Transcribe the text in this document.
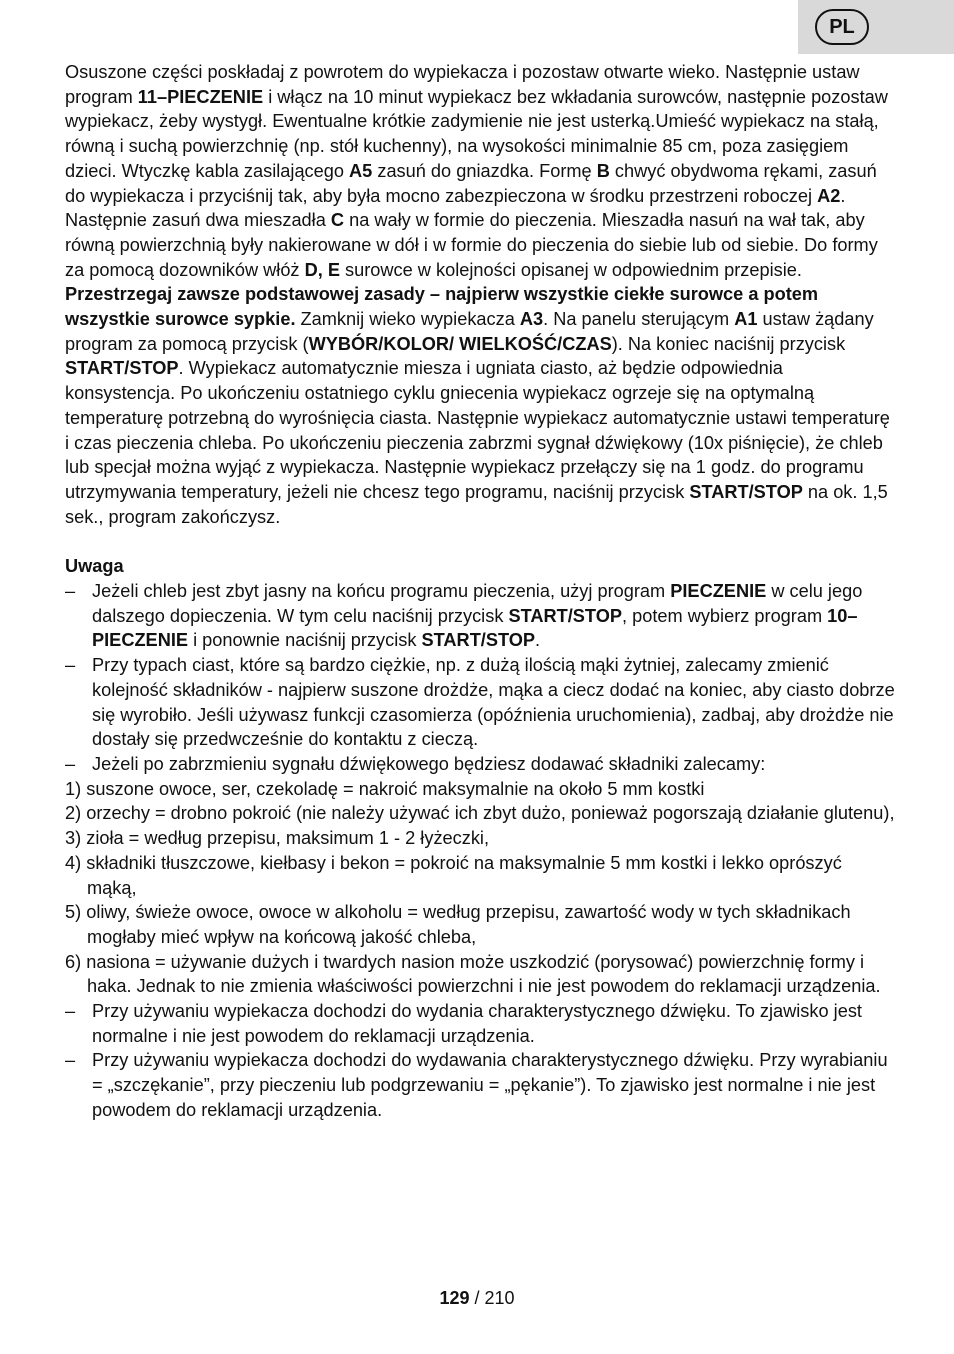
PL

Osuszone części poskładaj z powrotem do wypiekacza i pozostaw otwarte wieko. Następnie ustaw program 11–PIECZENIE i włącz na 10 minut wypiekacz bez wkładania surowców, następnie pozostaw wypiekacz, żeby wystygł. Ewentualne krótkie zadymienie nie jest usterką.Umieść wypiekacz na stałą, równą i suchą powierzchnię (np. stół kuchenny), na wysokości minimalnie 85 cm, poza zasięgiem dzieci. Wtyczkę kabla zasilającego A5 zasuń do gniazdka. Formę B chwyć obydwoma rękami, zasuń do wypiekacza i przyciśnij tak, aby była mocno zabezpieczona w środku przestrzeni roboczej A2. Następnie zasuń dwa mieszadła C na wały w formie do pieczenia. Mieszadła nasuń na wał tak, aby równą powierzchnią były nakierowane w dół i w formie do pieczenia do siebie lub od siebie. Do formy za pomocą dozowników włóż D, E surowce w kolejności opisanej w odpowiednim przepisie. Przestrzegaj zawsze podstawowej zasady – najpierw wszystkie ciekłe surowce a potem wszystkie surowce sypkie. Zamknij wieko wypiekacza A3. Na panelu sterującym A1 ustaw żądany program za pomocą przycisk (WYBÓR/KOLOR/ WIELKOŚĆ/CZAS). Na koniec naciśnij przycisk START/STOP. Wypiekacz automatycznie miesza i ugniata ciasto, aż będzie odpowiednia konsystencja. Po ukończeniu ostatniego cyklu gniecenia wypiekacz ogrzeje się na optymalną temperaturę potrzebną do wyrośnięcia ciasta. Następnie wypiekacz automatycznie ustawi temperaturę i czas pieczenia chleba. Po ukończeniu pieczenia zabrzmi sygnał dźwiękowy (10x piśnięcie), że chleb lub specjał można wyjąć z wypiekacza. Następnie wypiekacz przełączy się na 1 godz. do programu utrzymywania temperatury, jeżeli nie chcesz tego programu, naciśnij przycisk START/STOP na ok. 1,5 sek., program zakończysz.

Uwaga

– Jeżeli chleb jest zbyt jasny na końcu programu pieczenia, użyj program PIECZENIE w celu jego dalszego dopieczenia. W tym celu naciśnij przycisk START/STOP, potem wybierz program 10–PIECZENIE i ponownie naciśnij przycisk START/STOP.
– Przy typach ciast, które są bardzo ciężkie, np. z dużą ilością mąki żytniej, zalecamy zmienić kolejność składników - najpierw suszone drożdże, mąka a ciecz dodać na koniec, aby ciasto dobrze się wyrobiło. Jeśli używasz funkcji czasomierza (opóźnienia uruchomienia), zadbaj, aby drożdże nie dostały się przedwcześnie do kontaktu z cieczą.
– Jeżeli po zabrzmieniu sygnału dźwiękowego będziesz dodawać składniki zalecamy:
1) suszone owoce, ser, czekoladę = nakroić maksymalnie na około 5 mm kostki
2) orzechy = drobno pokroić (nie należy używać ich zbyt dużo, ponieważ pogorszają działanie glutenu),
3) zioła = według przepisu, maksimum 1 - 2 łyżeczki,
4) składniki tłuszczowe, kiełbasy i bekon = pokroić na maksymalnie 5 mm kostki i lekko oprószyć mąką,
5) oliwy, świeże owoce, owoce w alkoholu = według przepisu, zawartość wody w tych składnikach mogłaby mieć wpływ na końcową jakość chleba,
6) nasiona = używanie dużych i twardych nasion może uszkodzić (porysować) powierzchnię formy i haka. Jednak to nie zmienia właściwości powierzchni i nie jest powodem do reklamacji urządzenia.
– Przy używaniu wypiekacza dochodzi do wydania charakterystycznego dźwięku. To zjawisko jest normalne i nie jest powodem do reklamacji urządzenia.
– Przy używaniu wypiekacza dochodzi do wydawania charakterystycznego dźwięku. Przy wyrabianiu = „szczękanie”, przy pieczeniu lub podgrzewaniu = „pękanie”). To zjawisko jest normalne i nie jest powodem do reklamacji urządzenia.
129 / 210
